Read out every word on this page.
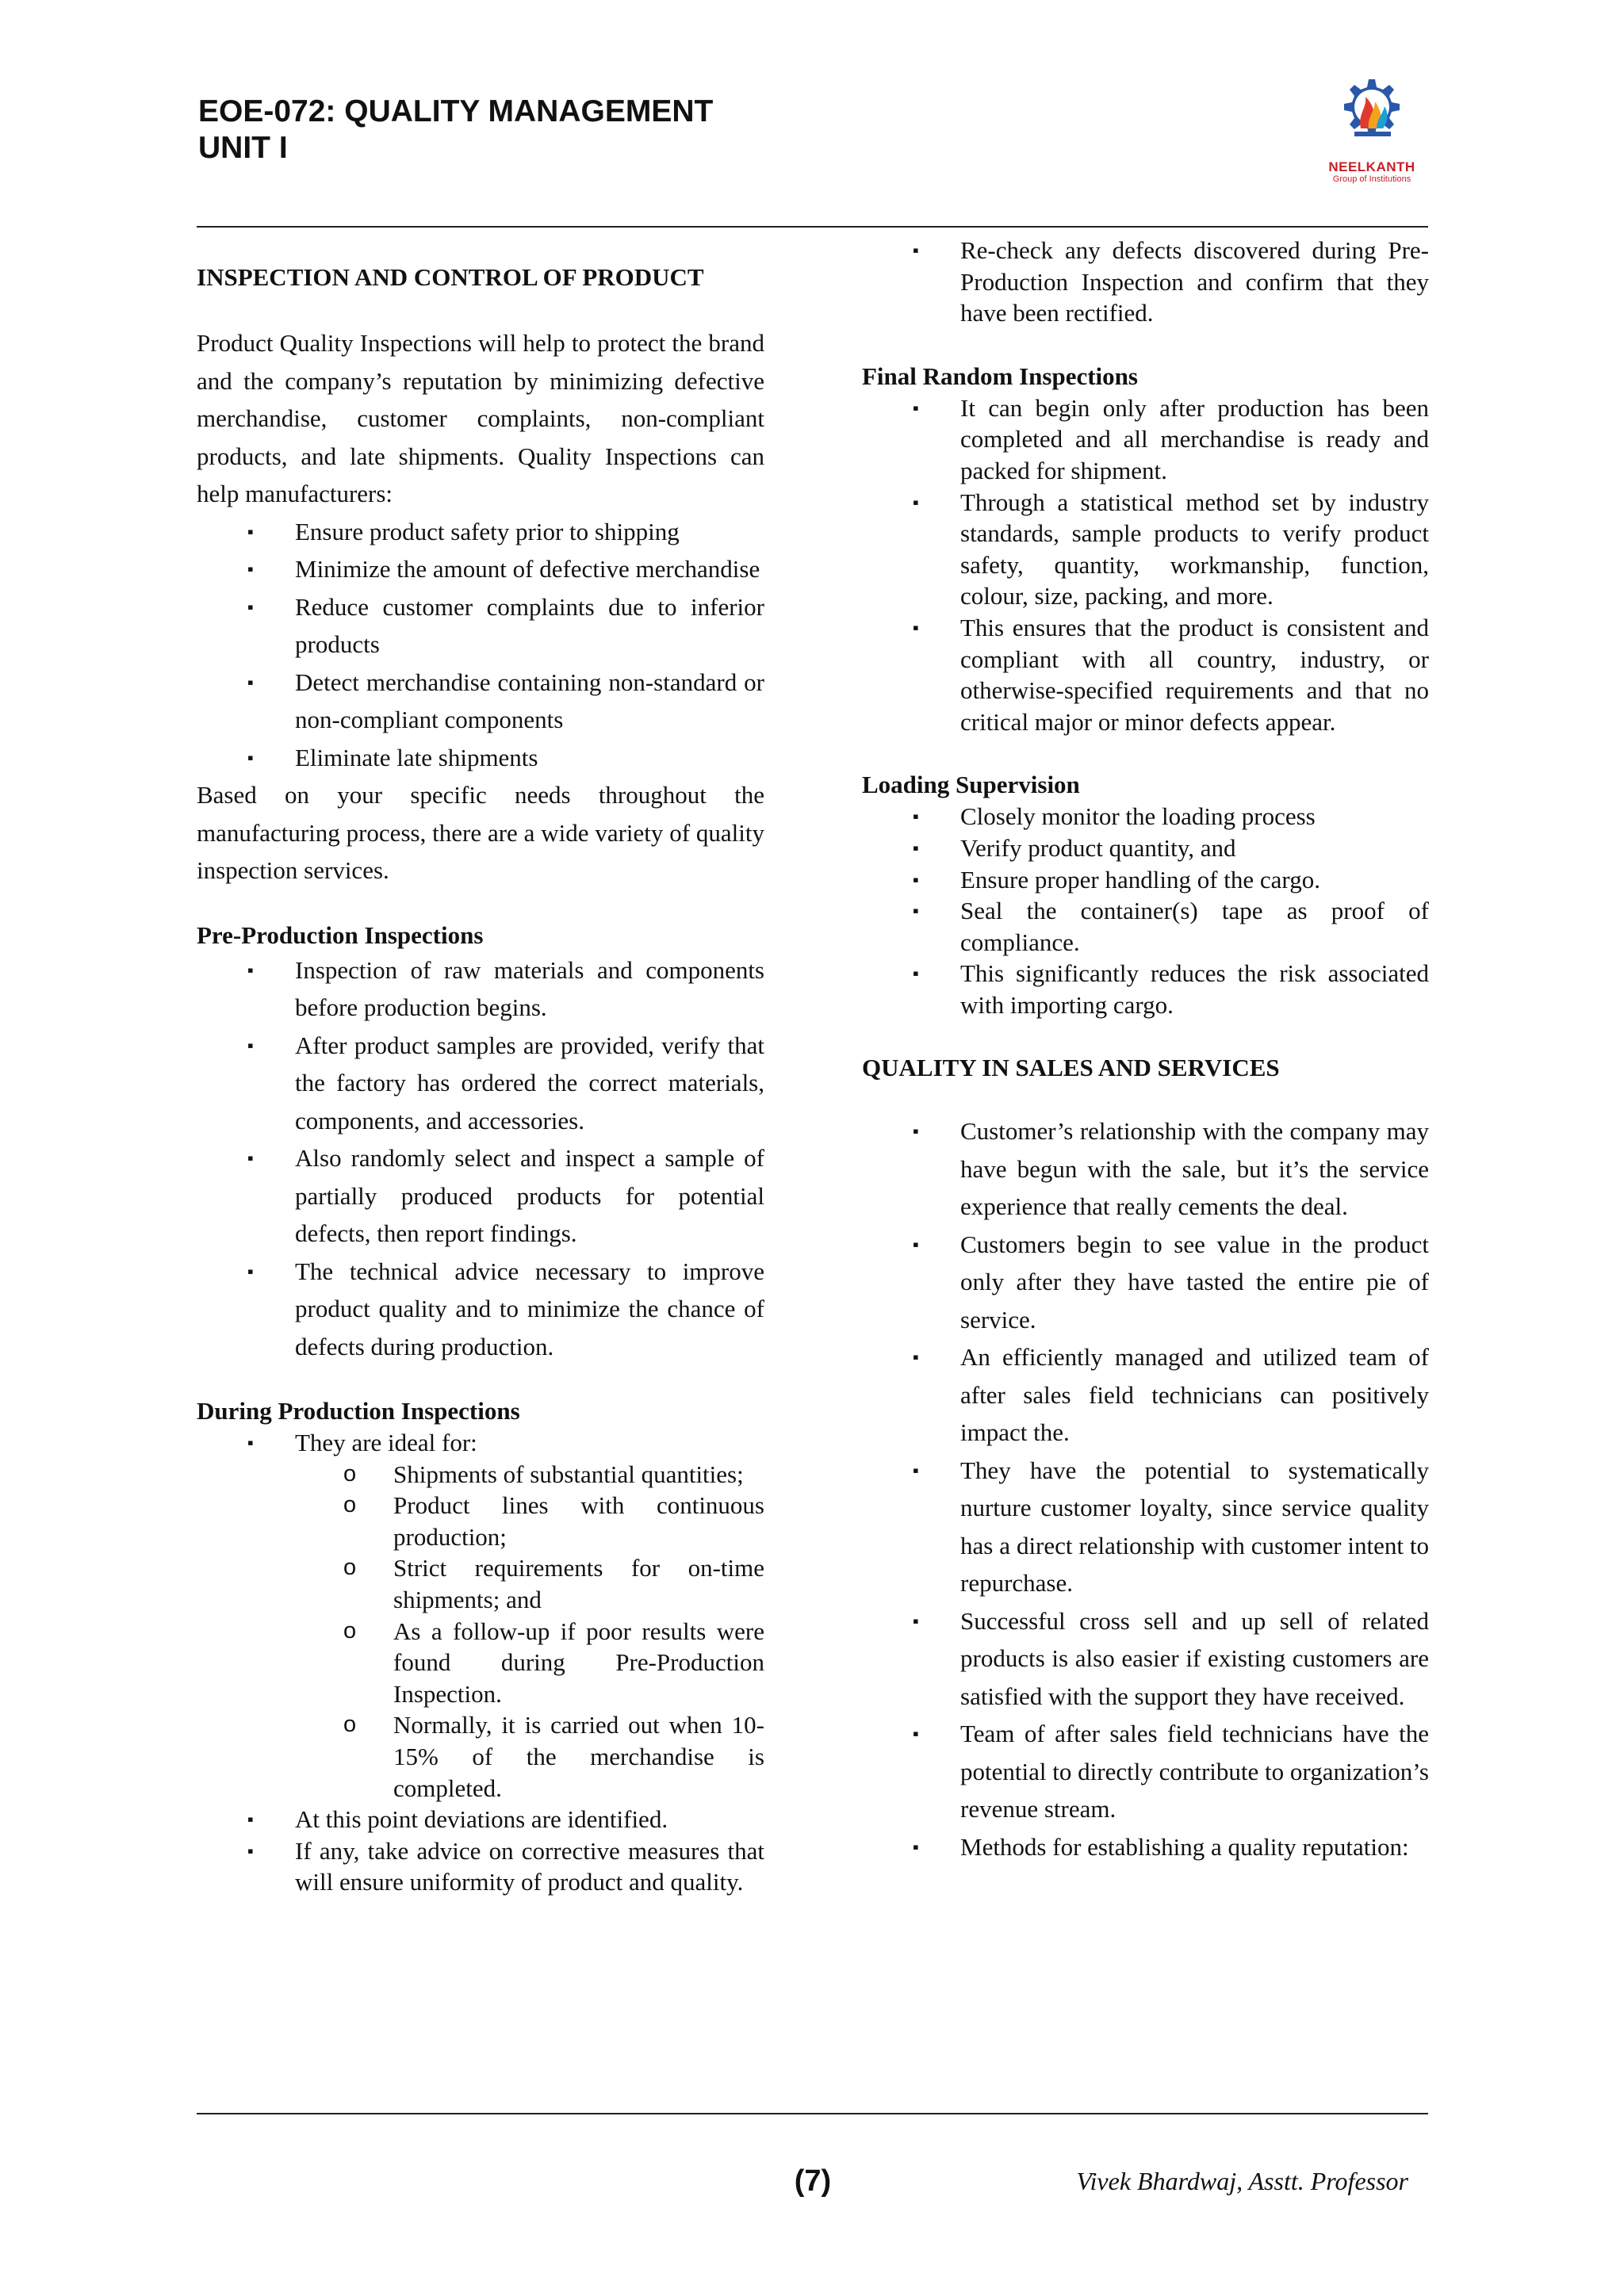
EOE-072: QUALITY MANAGEMENT
UNIT I
NEELKANTH
Group of Institutions
INSPECTION AND CONTROL OF PRODUCT

Product Quality Inspections will help to protect the brand and the company’s reputation by minimizing defective merchandise, customer complaints, non-compliant products, and late shipments. Quality Inspections can help manufacturers:

▪ Ensure product safety prior to shipping
▪ Minimize the amount of defective merchandise
▪ Reduce customer complaints due to inferior products
▪ Detect merchandise containing non-standard or non-compliant components
▪ Eliminate late shipments

Based on your specific needs throughout the manufacturing process, there are a wide variety of quality inspection services.

Pre-Production Inspections
▪ Inspection of raw materials and components before production begins.
▪ After product samples are provided, verify that the factory has ordered the correct materials, components, and accessories.
▪ Also randomly select and inspect a sample of partially produced products for potential defects, then report findings.
▪ The technical advice necessary to improve product quality and to minimize the chance of defects during production.
During Production Inspections
▪ They are ideal for:
o Shipments of substantial quantities;
o Product lines with continuous production;
o Strict requirements for on-time shipments; and
o As a follow-up if poor results were found during Pre-Production Inspection.
o Normally, it is carried out when 10-15% of the merchandise is completed.
▪ At this point deviations are identified.
▪ If any, take advice on corrective measures that will ensure uniformity of product and quality.
▪ Re-check any defects discovered during Pre-Production Inspection and confirm that they have been rectified.
Final Random Inspections
▪ It can begin only after production has been completed and all merchandise is ready and packed for shipment.
▪ Through a statistical method set by industry standards, sample products to verify product safety, quantity, workmanship, function, colour, size, packing, and more.
▪ This ensures that the product is consistent and compliant with all country, industry, or otherwise-specified requirements and that no critical major or minor defects appear.
Loading Supervision
▪ Closely monitor the loading process
▪ Verify product quantity, and
▪ Ensure proper handling of the cargo.
▪ Seal the container(s) tape as proof of compliance.
▪ This significantly reduces the risk associated with importing cargo.
QUALITY IN SALES AND SERVICES
▪ Customer’s relationship with the company may have begun with the sale, but it’s the service experience that really cements the deal.
▪ Customers begin to see value in the product only after they have tasted the entire pie of service.
▪ An efficiently managed and utilized team of after sales field technicians can positively impact the.
▪ They have the potential to systematically nurture customer loyalty, since service quality has a direct relationship with customer intent to repurchase.
▪ Successful cross sell and up sell of related products is also easier if existing customers are satisfied with the support they have received.
▪ Team of after sales field technicians have the potential to directly contribute to organization’s revenue stream.
▪ Methods for establishing a quality reputation:
(7)	Vivek Bhardwaj, Asstt. Professor
